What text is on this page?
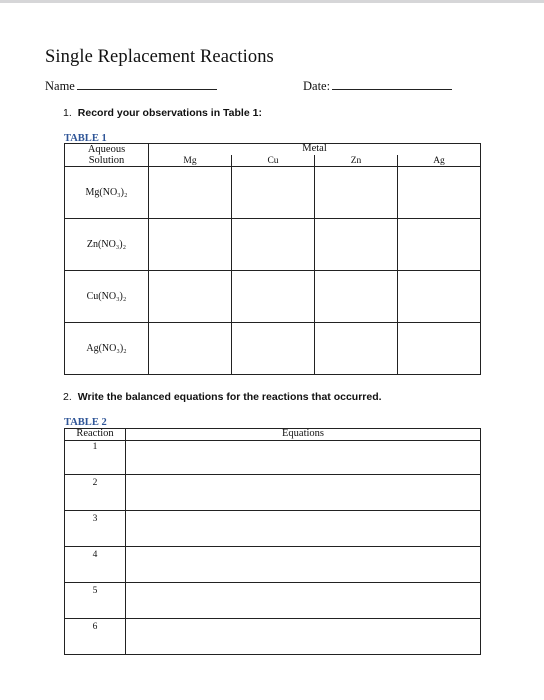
Single Replacement Reactions
Name	Date:
1. Record your observations in Table 1:
TABLE 1
Aqueous
Solution	Metal			
	Mg	Cu	Zn	Ag
Mg(NO₃)₂				
Zn(NO₃)₂				
Cu(NO₃)₂				
Ag(NO₃)₂				
2. Write the balanced equations for the reactions that occurred.
TABLE 2
Reaction	Equations
1	
2	
3	
4	
5	
6	
